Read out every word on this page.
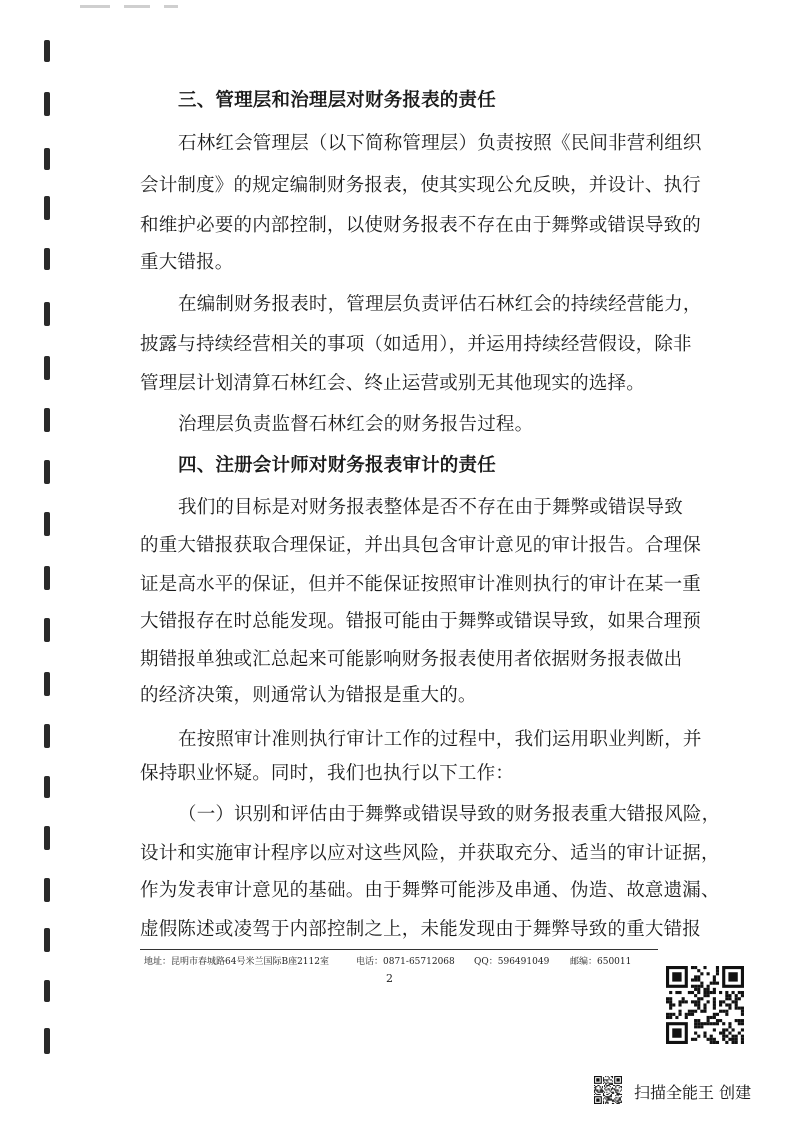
三、管理层和治理层对财务报表的责任
石林红会管理层（以下简称管理层）负责按照《民间非营利组织
会计制度》的规定编制财务报表，使其实现公允反映，并设计、执行
和维护必要的内部控制，以使财务报表不存在由于舞弊或错误导致的
重大错报。
在编制财务报表时，管理层负责评估石林红会的持续经营能力，
披露与持续经营相关的事项（如适用），并运用持续经营假设，除非
管理层计划清算石林红会、终止运营或别无其他现实的选择。
治理层负责监督石林红会的财务报告过程。
四、注册会计师对财务报表审计的责任
我们的目标是对财务报表整体是否不存在由于舞弊或错误导致
的重大错报获取合理保证，并出具包含审计意见的审计报告。合理保
证是高水平的保证，但并不能保证按照审计准则执行的审计在某一重
大错报存在时总能发现。错报可能由于舞弊或错误导致，如果合理预
期错报单独或汇总起来可能影响财务报表使用者依据财务报表做出
的经济决策，则通常认为错报是重大的。
在按照审计准则执行审计工作的过程中，我们运用职业判断，并
保持职业怀疑。同时，我们也执行以下工作：
（一）识别和评估由于舞弊或错误导致的财务报表重大错报风险，
设计和实施审计程序以应对这些风险，并获取充分、适当的审计证据，
作为发表审计意见的基础。由于舞弊可能涉及串通、伪造、故意遗漏、
虚假陈述或凌驾于内部控制之上，未能发现由于舞弊导致的重大错报
地址：昆明市春城路64号米兰国际B座2112室	电话：0871-65712068 QQ：596491049 邮编：650011
2
扫描全能王 创建
